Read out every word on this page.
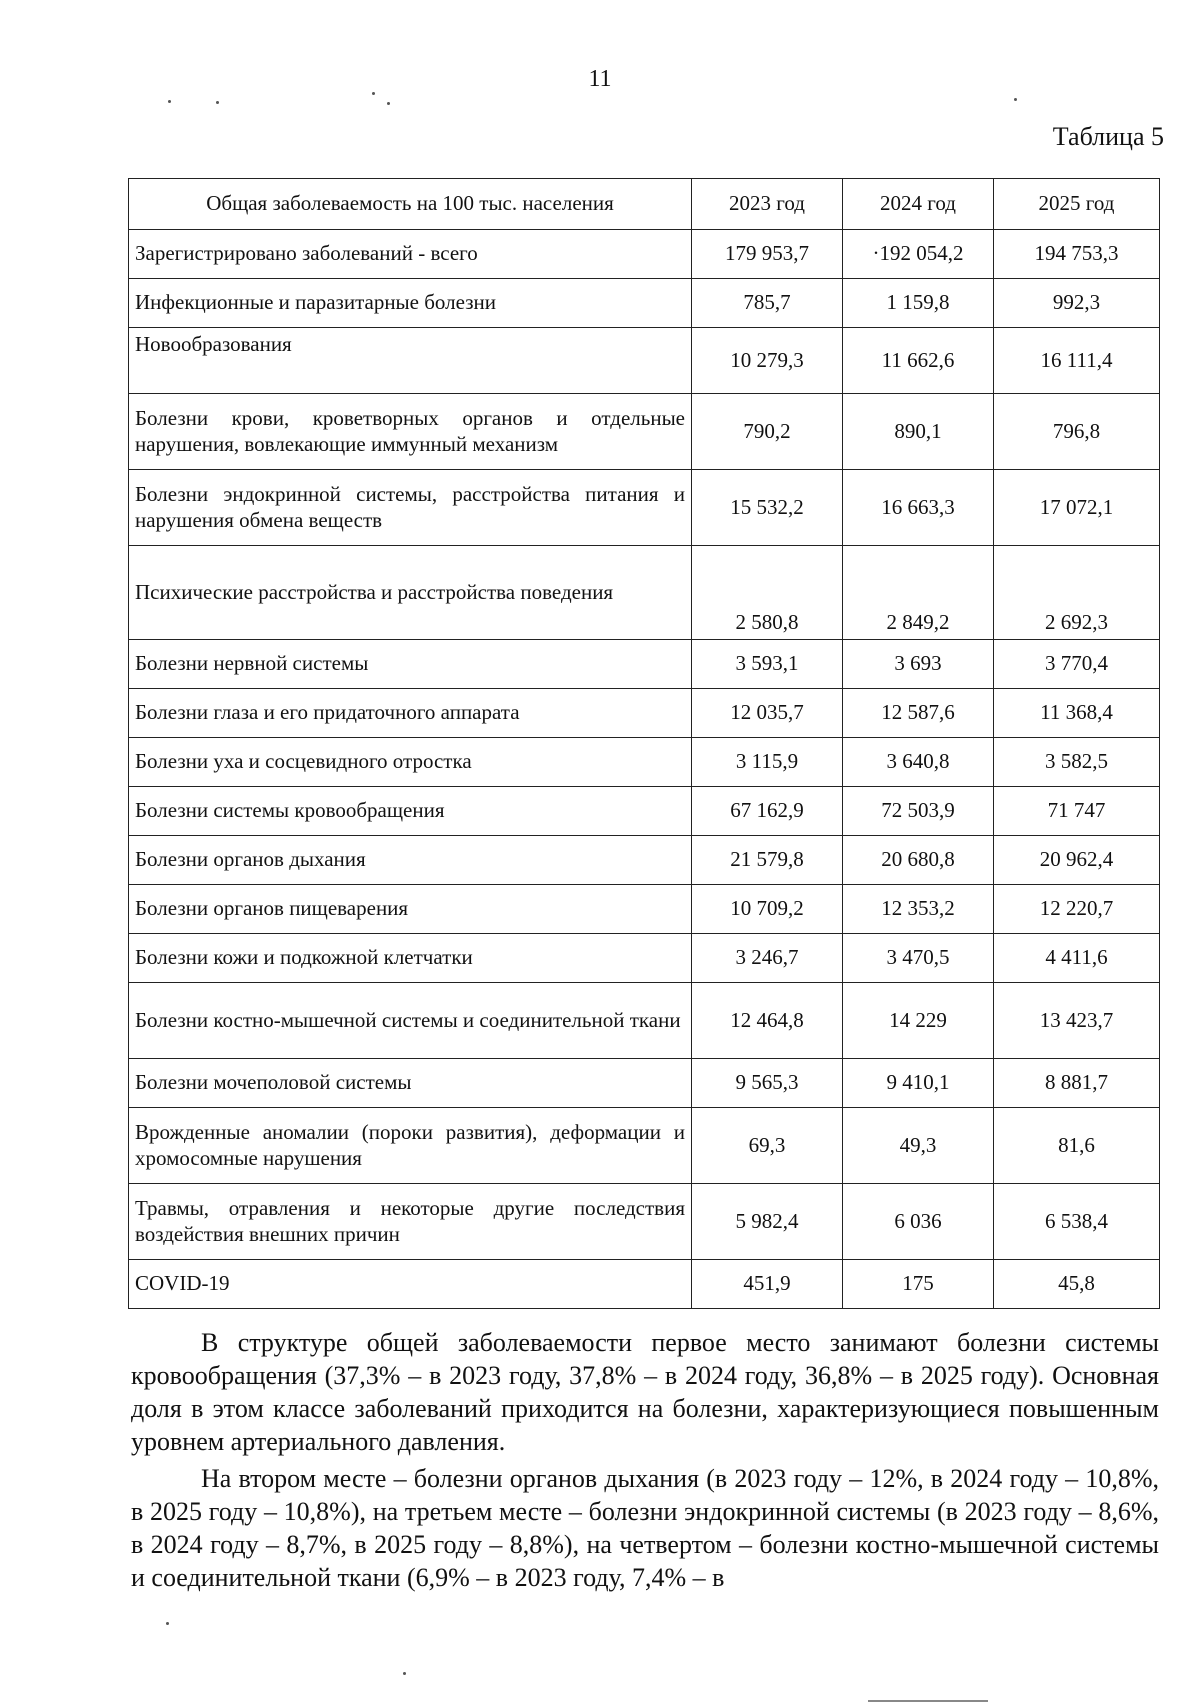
11
Таблица 5
Общая заболеваемость на 100 тыс. населения	2023 год	2024 год	2025 год
Зарегистрировано заболеваний - всего	179 953,7	·192 054,2	194 753,3
Инфекционные и паразитарные болезни	785,7	1 159,8	992,3
Новообразования	10 279,3	11 662,6	16 111,4
Болезни крови, кроветворных органов и отдельные нарушения, вовлекающие иммунный механизм	790,2	890,1	796,8
Болезни эндокринной системы, расстройства питания и нарушения обмена веществ	15 532,2	16 663,3	17 072,1
Психические расстройства и расстройства поведения	2 580,8	2 849,2	2 692,3
Болезни нервной системы	3 593,1	3 693	3 770,4
Болезни глаза и его придаточного аппарата	12 035,7	12 587,6	11 368,4
Болезни уха и сосцевидного отростка	3 115,9	3 640,8	3 582,5
Болезни системы кровообращения	67 162,9	72 503,9	71 747
Болезни органов дыхания	21 579,8	20 680,8	20 962,4
Болезни органов пищеварения	10 709,2	12 353,2	12 220,7
Болезни кожи и подкожной клетчатки	3 246,7	3 470,5	4 411,6
Болезни костно-мышечной системы и соединительной ткани	12 464,8	14 229	13 423,7
Болезни мочеполовой системы	9 565,3	9 410,1	8 881,7
Врожденные аномалии (пороки развития), деформации и хромосомные нарушения	69,3	49,3	81,6
Травмы, отравления и некоторые другие последствия воздействия внешних причин	5 982,4	6 036	6 538,4
COVID-19	451,9	175	45,8

В структуре общей заболеваемости первое место занимают болезни системы кровообращения (37,3% – в 2023 году, 37,8% – в 2024 году, 36,8% – в 2025 году). Основная доля в этом классе заболеваний приходится на болезни, характеризующиеся повышенным уровнем артериального давления.

На втором месте – болезни органов дыхания (в 2023 году – 12%, в 2024 году – 10,8%, в 2025 году – 10,8%), на третьем месте – болезни эндокринной системы (в 2023 году – 8,6%, в 2024 году – 8,7%, в 2025 году – 8,8%), на четвертом – болезни костно-мышечной системы и соединительной ткани (6,9% – в 2023 году, 7,4% – в
